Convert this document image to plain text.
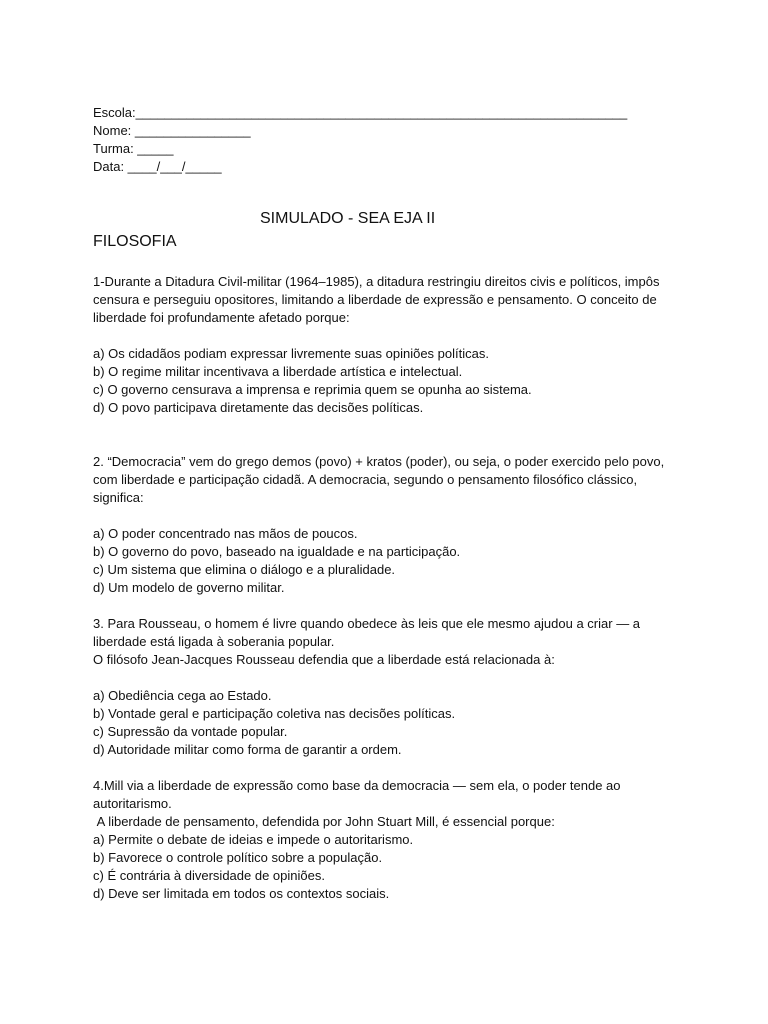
Escola:____________________________________________________________________
Nome: ________________
Turma: _____
Data: ____/___/_____
SIMULADO - SEA EJA II
FILOSOFIA

1-Durante a Ditadura Civil-militar (1964–1985), a ditadura restringiu direitos civis e políticos, impôs censura e perseguiu opositores, limitando a liberdade de expressão e pensamento. O conceito de liberdade foi profundamente afetado porque:

a) Os cidadãos podiam expressar livremente suas opiniões políticas.
b) O regime militar incentivava a liberdade artística e intelectual.
c) O governo censurava a imprensa e reprimia quem se opunha ao sistema.
d) O povo participava diretamente das decisões políticas.

2. “Democracia” vem do grego demos (povo) + kratos (poder), ou seja, o poder exercido pelo povo, com liberdade e participação cidadã. A democracia, segundo o pensamento filosófico clássico, significa:

a) O poder concentrado nas mãos de poucos.
b) O governo do povo, baseado na igualdade e na participação.
c) Um sistema que elimina o diálogo e a pluralidade.
d) Um modelo de governo militar.

3. Para Rousseau, o homem é livre quando obedece às leis que ele mesmo ajudou a criar — a liberdade está ligada à soberania popular.

O filósofo Jean-Jacques Rousseau defendia que a liberdade está relacionada à:

a) Obediência cega ao Estado.
b) Vontade geral e participação coletiva nas decisões políticas.
c) Supressão da vontade popular.
d) Autoridade militar como forma de garantir a ordem.

4.Mill via a liberdade de expressão como base da democracia — sem ela, o poder tende ao autoritarismo.

A liberdade de pensamento, defendida por John Stuart Mill, é essencial porque:

a) Permite o debate de ideias e impede o autoritarismo.
b) Favorece o controle político sobre a população.
c) É contrária à diversidade de opiniões.
d) Deve ser limitada em todos os contextos sociais.
